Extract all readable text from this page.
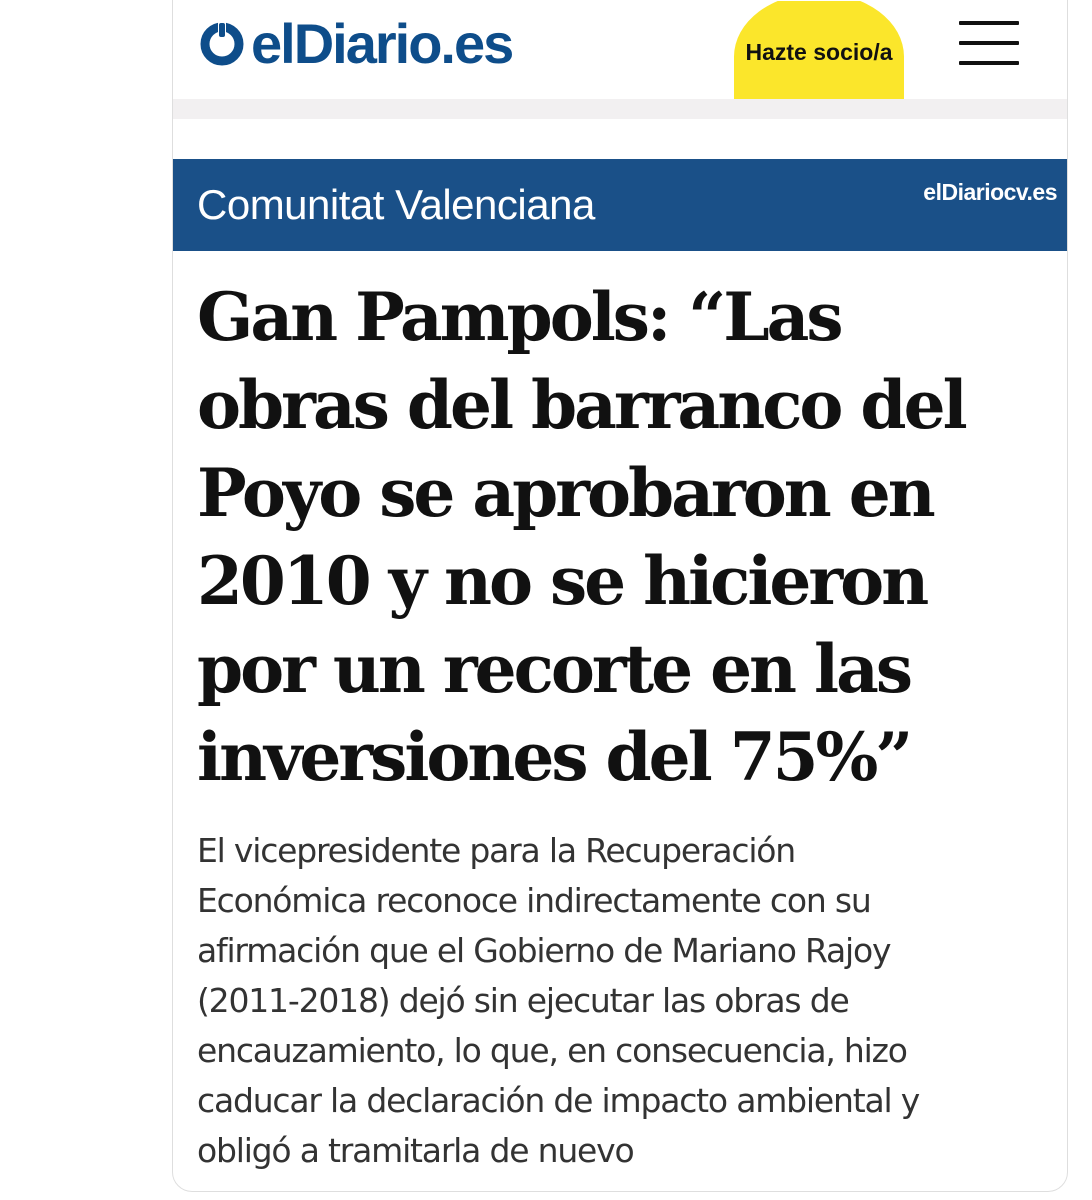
elDiario.es	Hazte socio/a
Comunitat Valenciana	elDiariocv.es
Gan Pampols: “Las
obras del barranco del
Poyo se aprobaron en
2010 y no se hicieron
por un recorte en las
inversiones del 75%”
El vicepresidente para la Recuperación
Económica reconoce indirectamente con su
afirmación que el Gobierno de Mariano Rajoy
(2011-2018) dejó sin ejecutar las obras de
encauzamiento, lo que, en consecuencia, hizo
caducar la declaración de impacto ambiental y
obligó a tramitarla de nuevo
